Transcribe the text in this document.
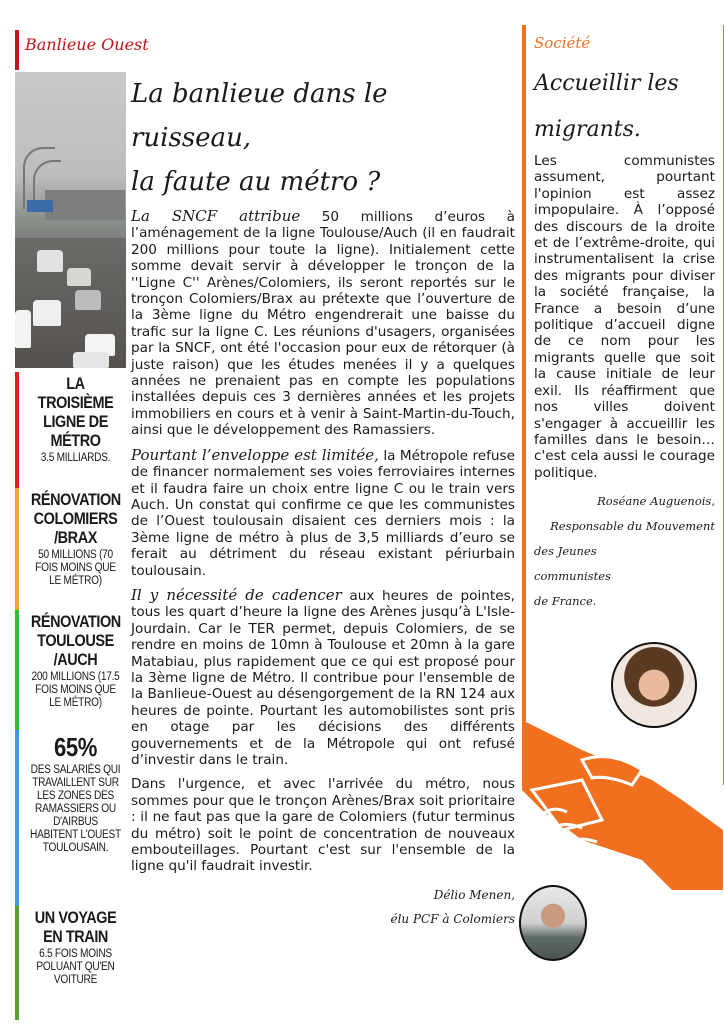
Banlieue Ouest
LA TROISIÈME LIGNE DE MÉTRO

3.5 MILLIARDS.

RÉNOVATION COLOMIERS /BRAX

50 MILLIONS (70 FOIS MOINS QUE LE MÉTRO)

RÉNOVATION TOULOUSE /AUCH

200 MILLIONS (17.5 FOIS MOINS QUE LE MÉTRO)

65%

DES SALARIÉS QUI TRAVAILLENT SUR LES ZONES DES RAMASSIERS OU D'AIRBUS HABITENT L'OUEST TOULOUSAIN.

UN VOYAGE EN TRAIN

6.5 FOIS MOINS POLUANT QU'EN VOITURE

La banlieue dans le ruisseau,
la faute au métro ?

La SNCF attribue 50 millions d’euros à l’aménagement de la ligne Toulouse/Auch (il en faudrait 200 millions pour toute la ligne). Initialement cette somme devait servir à développer le tronçon de la ''Ligne C'' Arènes/Colomiers, ils seront reportés sur le tronçon Colomiers/Brax au prétexte que l’ouverture de la 3ème ligne du Métro engendrerait une baisse du trafic sur la ligne C. Les réunions d'usagers, organisées par la SNCF, ont été l'occasion pour eux de rétorquer (à juste raison) que les études menées il y a quelques années ne prenaient pas en compte les populations installées depuis ces 3 dernières années et les projets immobiliers en cours et à venir à Saint-Martin-du-Touch, ainsi que le développement des Ramassiers.

Pourtant l’enveloppe est limitée, la Métropole refuse de financer normalement ses voies ferroviaires internes et il faudra faire un choix entre ligne C ou le train vers Auch. Un constat qui confirme ce que les communistes de l’Ouest toulousain disaient ces derniers mois : la 3ème ligne de métro à plus de 3,5 milliards d’euro se ferait au détriment du réseau existant périurbain toulousain.

Il y nécessité de cadencer aux heures de pointes, tous les quart d’heure la ligne des Arènes jusqu’à L'Isle-Jourdain. Car le TER permet, depuis Colomiers, de se rendre en moins de 10mn à Toulouse et 20mn à la gare Matabiau, plus rapidement que ce qui est proposé pour la 3ème ligne de Métro. Il contribue pour l'ensemble de la Banlieue-Ouest au désengorgement de la RN 124 aux heures de pointe. Pourtant les automobilistes sont pris en otage par les décisions des différents gouvernements et de la Métropole qui ont refusé d’investir dans le train.

Dans l'urgence, et avec l'arrivée du métro, nous sommes pour que le tronçon Arènes/Brax soit prioritaire : il ne faut pas que la gare de Colomiers (futur terminus du métro) soit le point de concentration de nouveaux embouteillages. Pourtant c'est sur l'ensemble de la ligne qu'il faudrait investir.

Délio Menen,
élu PCF à Colomiers
Société
Accueillir les
migrants.

Les communistes assument, pourtant l'opinion est assez impopulaire. À l’opposé des discours de la droite et de l’extrême-droite, qui instrumentalisent la crise des migrants pour diviser la société française, la France a besoin d’une politique d’accueil digne de ce nom pour les migrants quelle que soit la cause initiale de leur exil. Ils réaffirment que nos villes doivent s'engager à accueillir les familles dans le besoin… c'est cela aussi le courage politique.

Roséane Auguenois,
Responsable du Mouvement
des Jeunes
communistes
de France.
